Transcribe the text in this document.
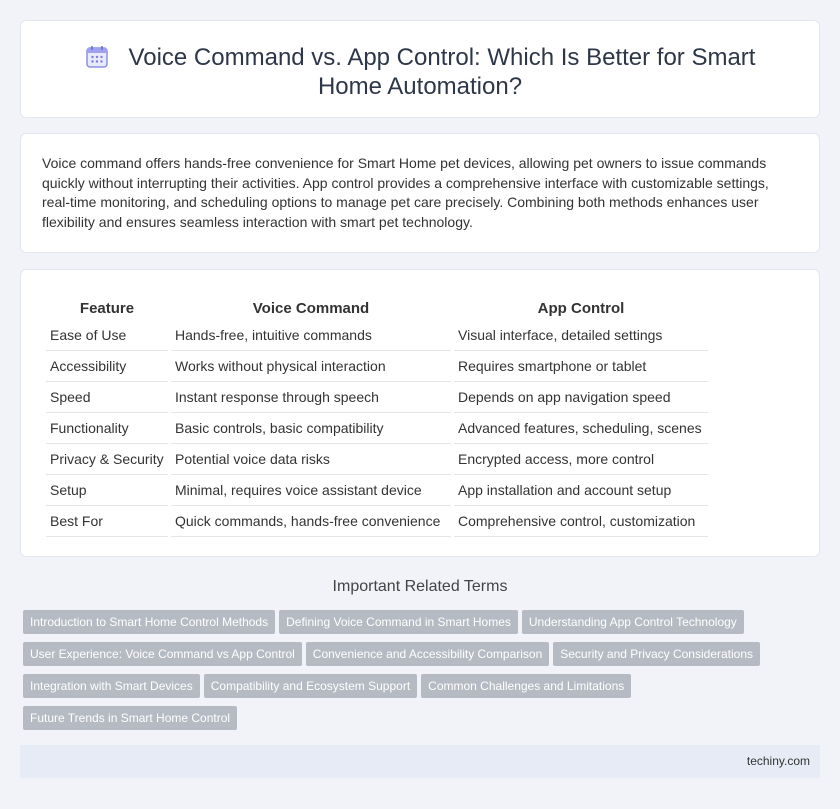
Voice Command vs. App Control: Which Is Better for Smart Home Automation?

Voice command offers hands-free convenience for Smart Home pet devices, allowing pet owners to issue commands quickly without interrupting their activities. App control provides a comprehensive interface with customizable settings, real-time monitoring, and scheduling options to manage pet care precisely. Combining both methods enhances user flexibility and ensures seamless interaction with smart pet technology.

Feature	Voice Command	App Control
Ease of Use	Hands-free, intuitive commands	Visual interface, detailed settings
Accessibility	Works without physical interaction	Requires smartphone or tablet
Speed	Instant response through speech	Depends on app navigation speed
Functionality	Basic controls, basic compatibility	Advanced features, scheduling, scenes
Privacy & Security	Potential voice data risks	Encrypted access, more control
Setup	Minimal, requires voice assistant device	App installation and account setup
Best For	Quick commands, hands-free convenience	Comprehensive control, customization
Important Related Terms
Introduction to Smart Home Control Methods Defining Voice Command in Smart Homes Understanding App Control Technology
User Experience: Voice Command vs App Control Convenience and Accessibility Comparison Security and Privacy Considerations
Integration with Smart Devices Compatibility and Ecosystem Support Common Challenges and Limitations
Future Trends in Smart Home Control
techiny.com
